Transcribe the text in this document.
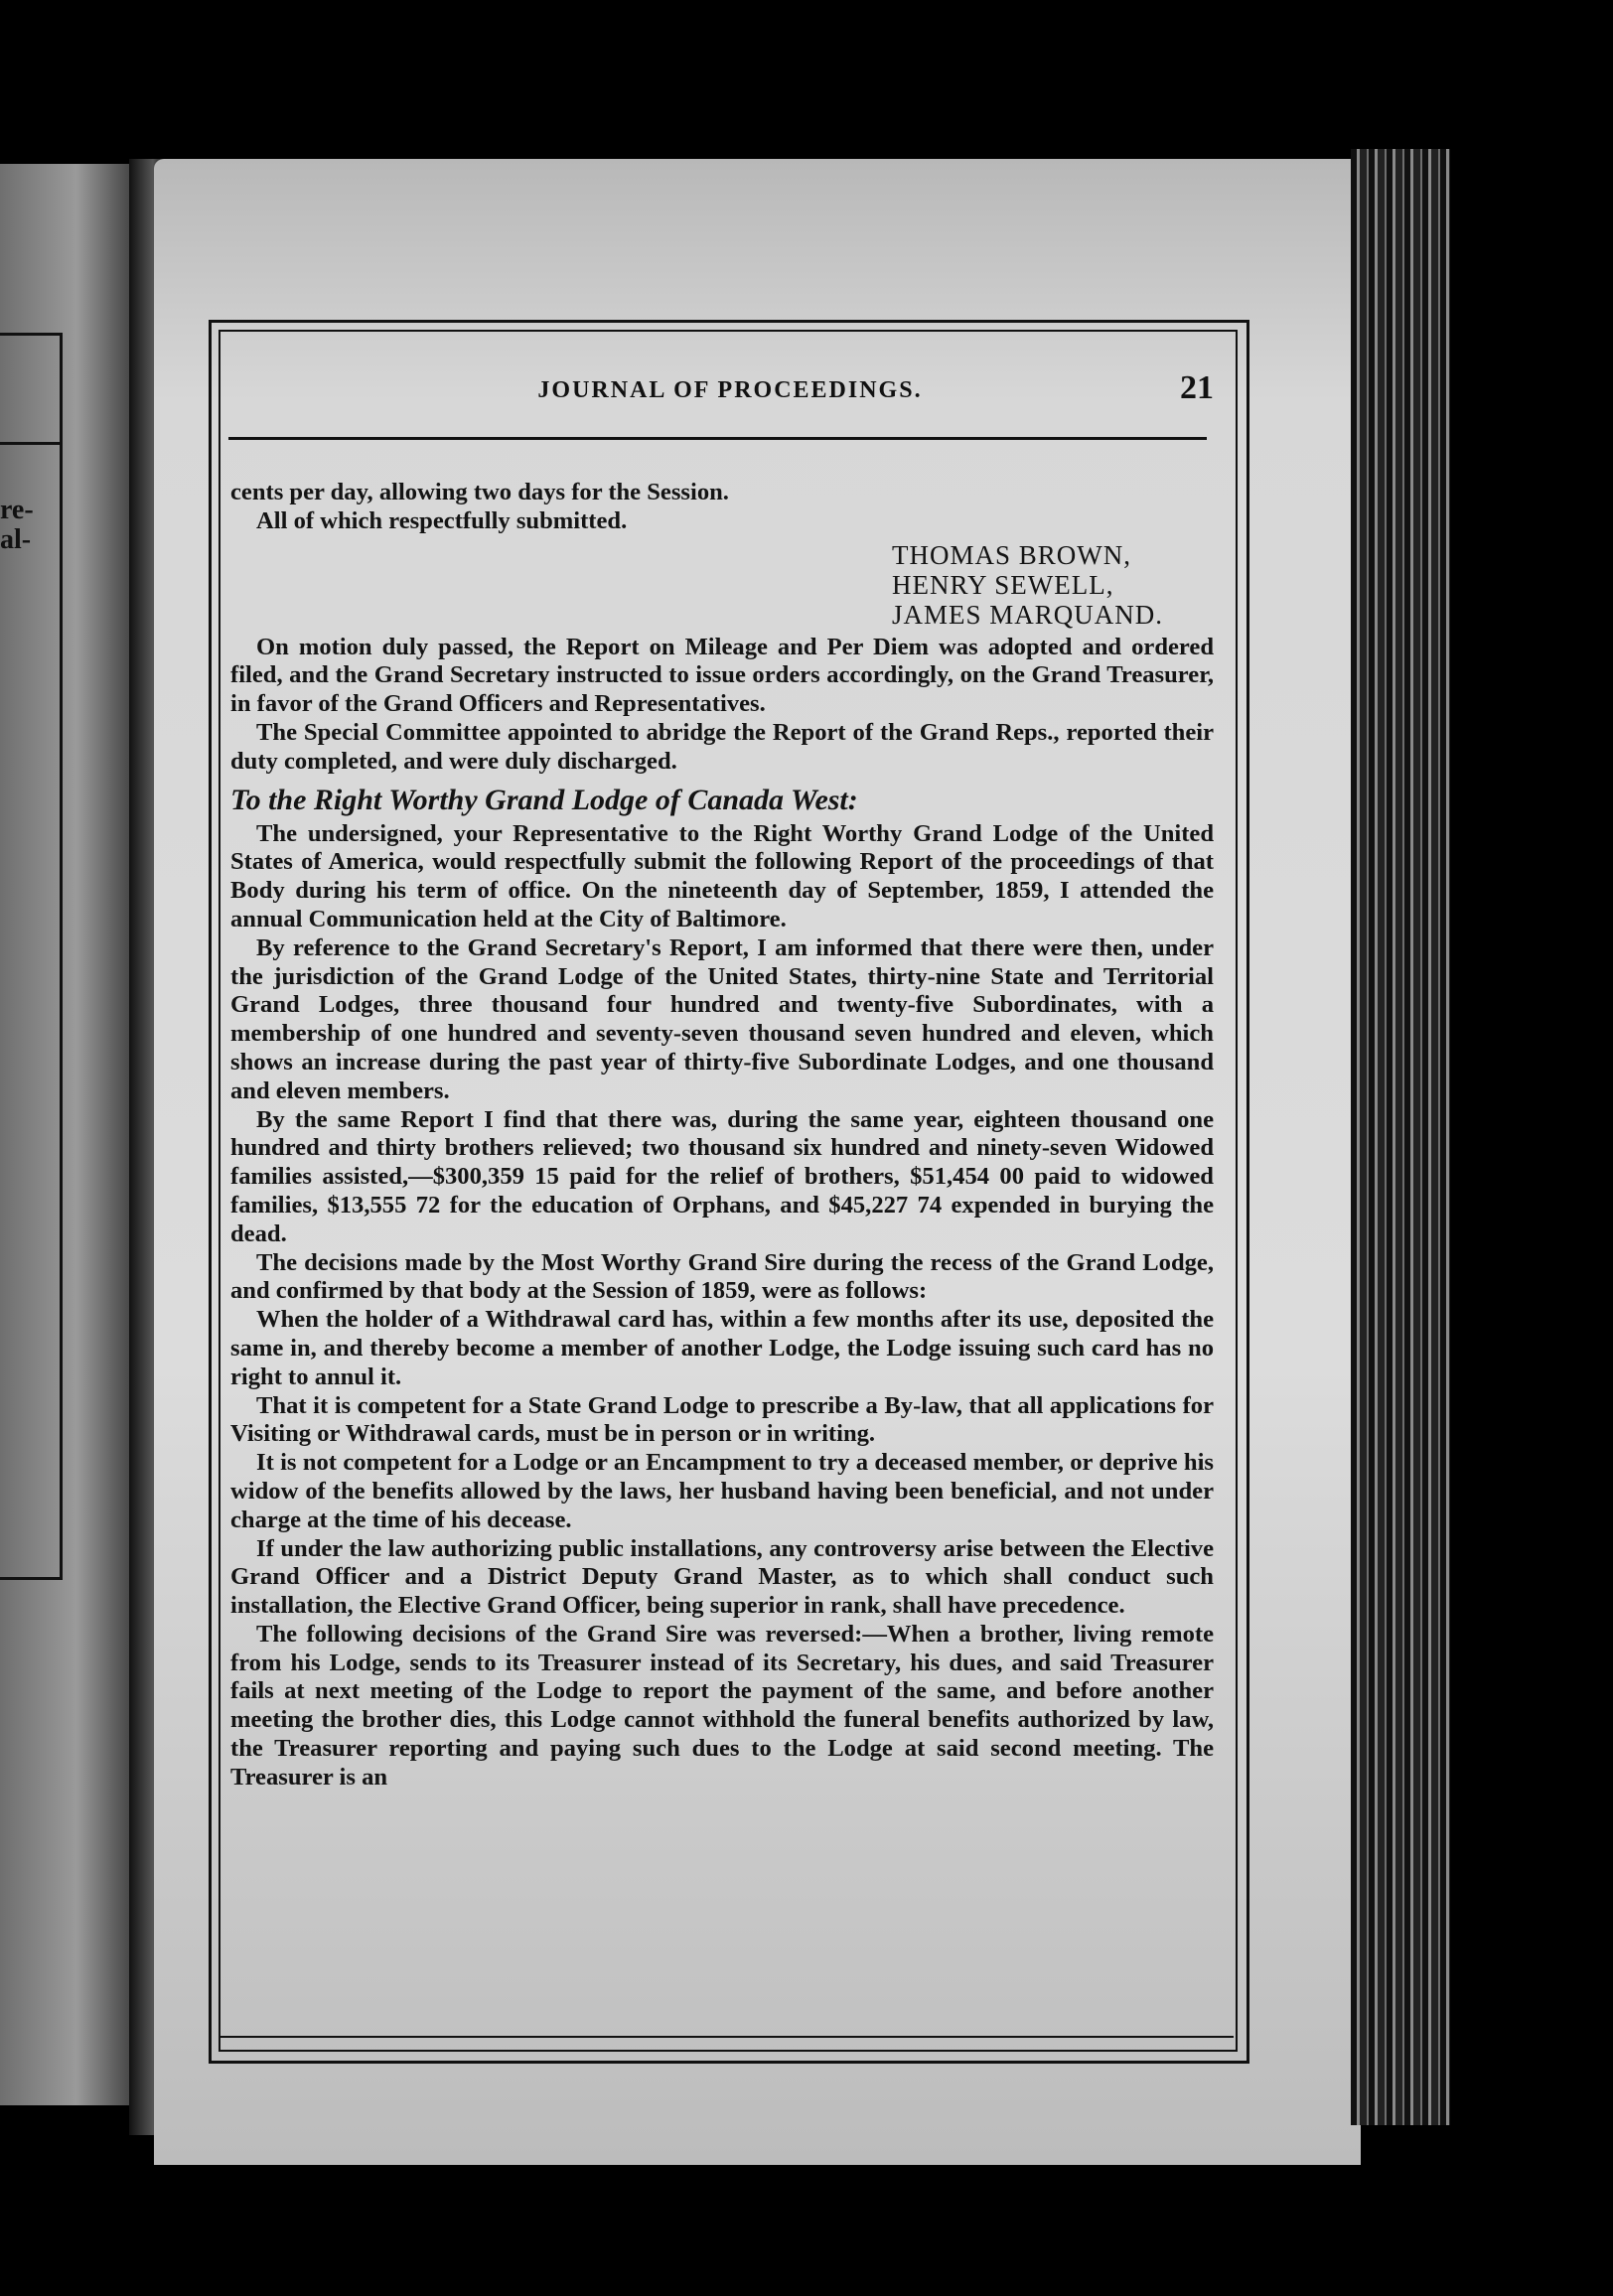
re-
al-
JOURNAL OF PROCEEDINGS.	21

cents per day, allowing two days for the Session.

All of which respectfully submitted.

THOMAS BROWN,
HENRY SEWELL,
JAMES MARQUAND.

On motion duly passed, the Report on Mileage and Per Diem was adopted and ordered filed, and the Grand Secretary instructed to issue orders accordingly, on the Grand Treasurer, in favor of the Grand Officers and Representatives.

The Special Committee appointed to abridge the Report of the Grand Reps., reported their duty completed, and were duly discharged.

To the Right Worthy Grand Lodge of Canada West:

The undersigned, your Representative to the Right Worthy Grand Lodge of the United States of America, would respectfully submit the following Report of the proceedings of that Body during his term of office. On the nineteenth day of September, 1859, I attended the annual Communication held at the City of Baltimore.

By reference to the Grand Secretary's Report, I am informed that there were then, under the jurisdiction of the Grand Lodge of the United States, thirty-nine State and Territorial Grand Lodges, three thousand four hundred and twenty-five Subordinates, with a membership of one hundred and seventy-seven thousand seven hundred and eleven, which shows an increase during the past year of thirty-five Subordinate Lodges, and one thousand and eleven members.

By the same Report I find that there was, during the same year, eighteen thousand one hundred and thirty brothers relieved; two thousand six hundred and ninety-seven Widowed families assisted,—$300,359 15 paid for the relief of brothers, $51,454 00 paid to widowed families, $13,555 72 for the education of Orphans, and $45,227 74 expended in burying the dead.

The decisions made by the Most Worthy Grand Sire during the recess of the Grand Lodge, and confirmed by that body at the Session of 1859, were as follows:

When the holder of a Withdrawal card has, within a few months after its use, deposited the same in, and thereby become a member of another Lodge, the Lodge issuing such card has no right to annul it.

That it is competent for a State Grand Lodge to prescribe a By-law, that all applications for Visiting or Withdrawal cards, must be in person or in writing.

It is not competent for a Lodge or an Encampment to try a deceased member, or deprive his widow of the benefits allowed by the laws, her husband having been beneficial, and not under charge at the time of his decease.

If under the law authorizing public installations, any controversy arise between the Elective Grand Officer and a District Deputy Grand Master, as to which shall conduct such installation, the Elective Grand Officer, being superior in rank, shall have precedence.

The following decisions of the Grand Sire was reversed:—When a brother, living remote from his Lodge, sends to its Treasurer instead of its Secretary, his dues, and said Treasurer fails at next meeting of the Lodge to report the payment of the same, and before another meeting the brother dies, this Lodge cannot withhold the funeral benefits authorized by law, the Treasurer reporting and paying such dues to the Lodge at said second meeting. The Treasurer is an
